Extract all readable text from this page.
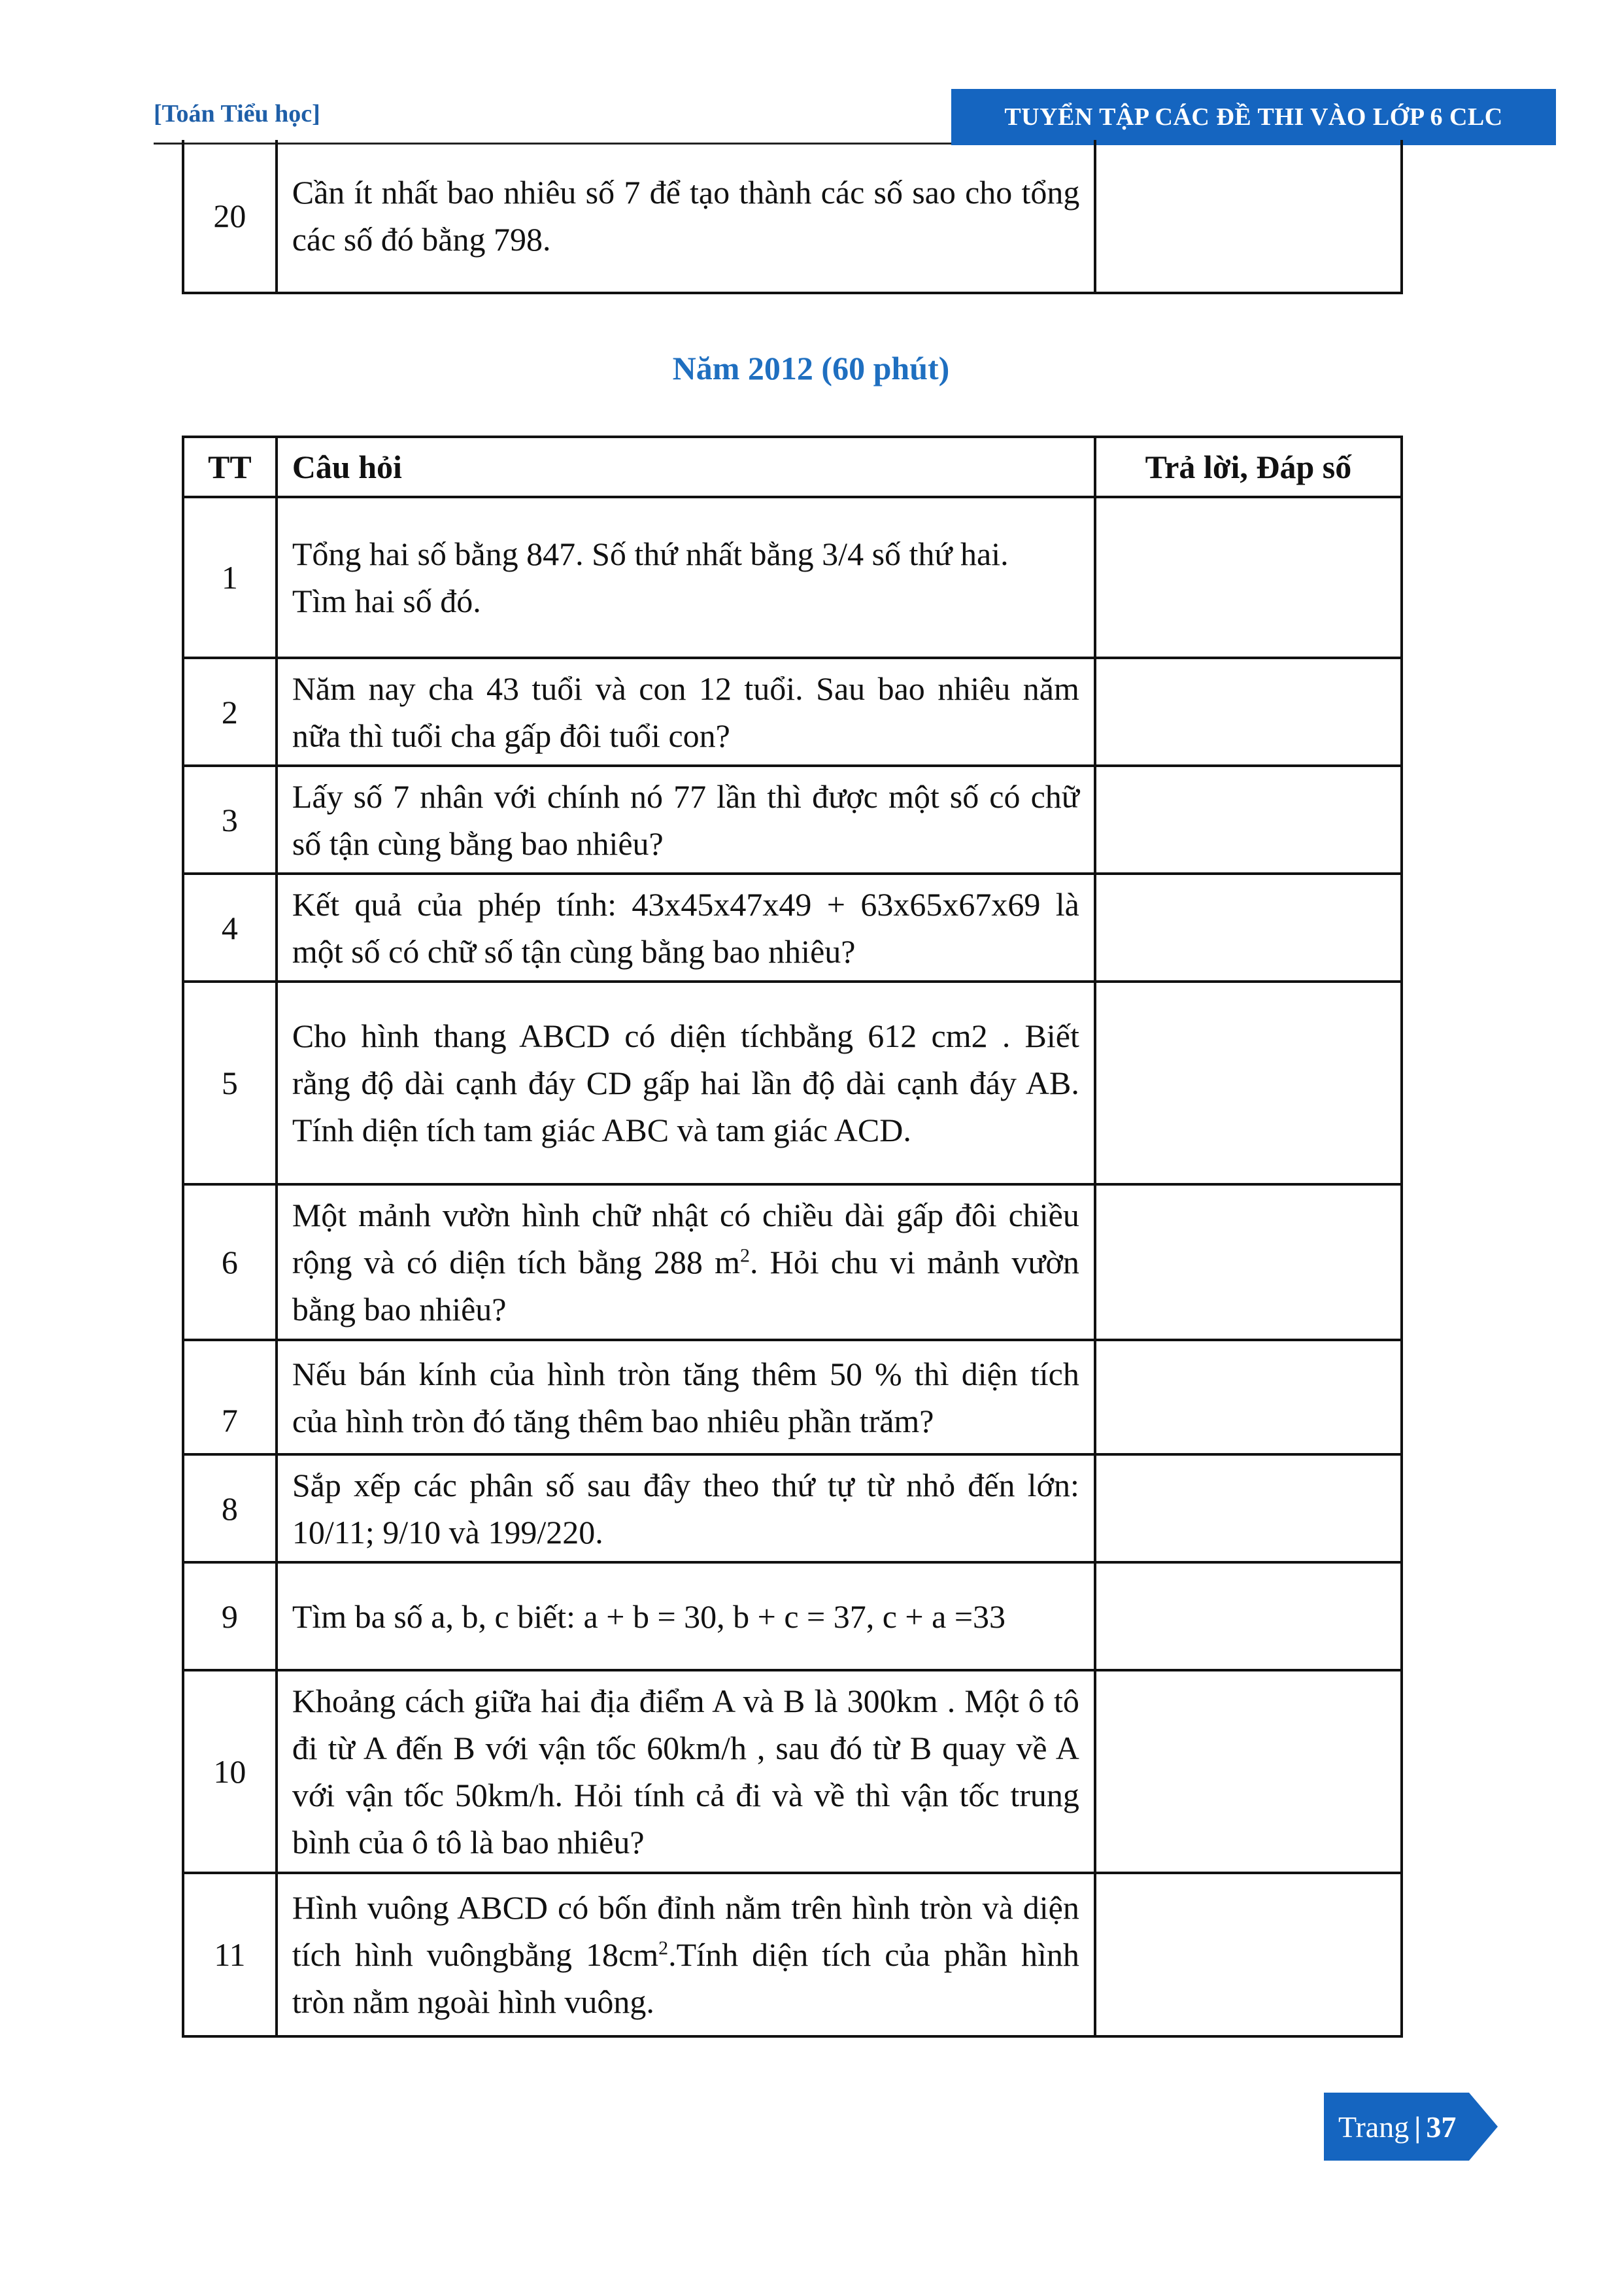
[Toán Tiểu học]	TUYỂN TẬP CÁC ĐỀ THI VÀO LỚP 6 CLC
20	Cần ít nhất bao nhiêu số 7 để tạo thành các số sao cho tổng các số đó bằng 798.	
Năm 2012 (60 phút)
TT	Câu hỏi	Trả lời, Đáp số
1	Tổng hai số bằng 847. Số thứ nhất bằng 3/4 số thứ hai.

Tìm hai số đó.	

2	Năm nay cha 43 tuổi và con 12 tuổi. Sau bao nhiêu năm nữa thì tuổi cha gấp đôi tuổi con?	
3	Lấy số 7 nhân với chính nó 77 lần thì được một số có chữ số tận cùng bằng bao nhiêu?	
4	Kết quả của phép tính: 43x45x47x49 + 63x65x67x69 là một số có chữ số tận cùng bằng bao nhiêu?	
5	Cho hình thang ABCD có diện tíchbằng 612 cm2 . Biết rằng độ dài cạnh đáy CD gấp hai lần độ dài cạnh đáy AB. Tính diện tích tam giác ABC và tam giác ACD.	
6	Một mảnh vườn hình chữ nhật có chiều dài gấp đôi chiều rộng và có diện tích bằng 288 $m^2$. Hỏi chu vi mảnh vườn bằng bao nhiêu?	
7	Nếu bán kính của hình tròn tăng thêm 50 % thì diện tích của hình tròn đó tăng thêm bao nhiêu phần trăm?	
8	Sắp xếp các phân số sau đây theo thứ tự từ nhỏ đến lớn: 10/11; 9/10 và 199/220.	
9	Tìm ba số a, b, c biết: a + b = 30, b + c = 37, c + a =33	
10	Khoảng cách giữa hai địa điểm A và B là 300km . Một ô tô đi từ A đến B với vận tốc 60km/h , sau đó từ B quay về A với vận tốc 50km/h. Hỏi tính cả đi và về thì vận tốc trung bình của ô tô là bao nhiêu?	
11	Hình vuông ABCD có bốn đỉnh nằm trên hình tròn và diện tích hình vuôngbằng $18cm^2.Tính$ diện tích của phần hình tròn nằm ngoài hình vuông.	
Trang | 37
